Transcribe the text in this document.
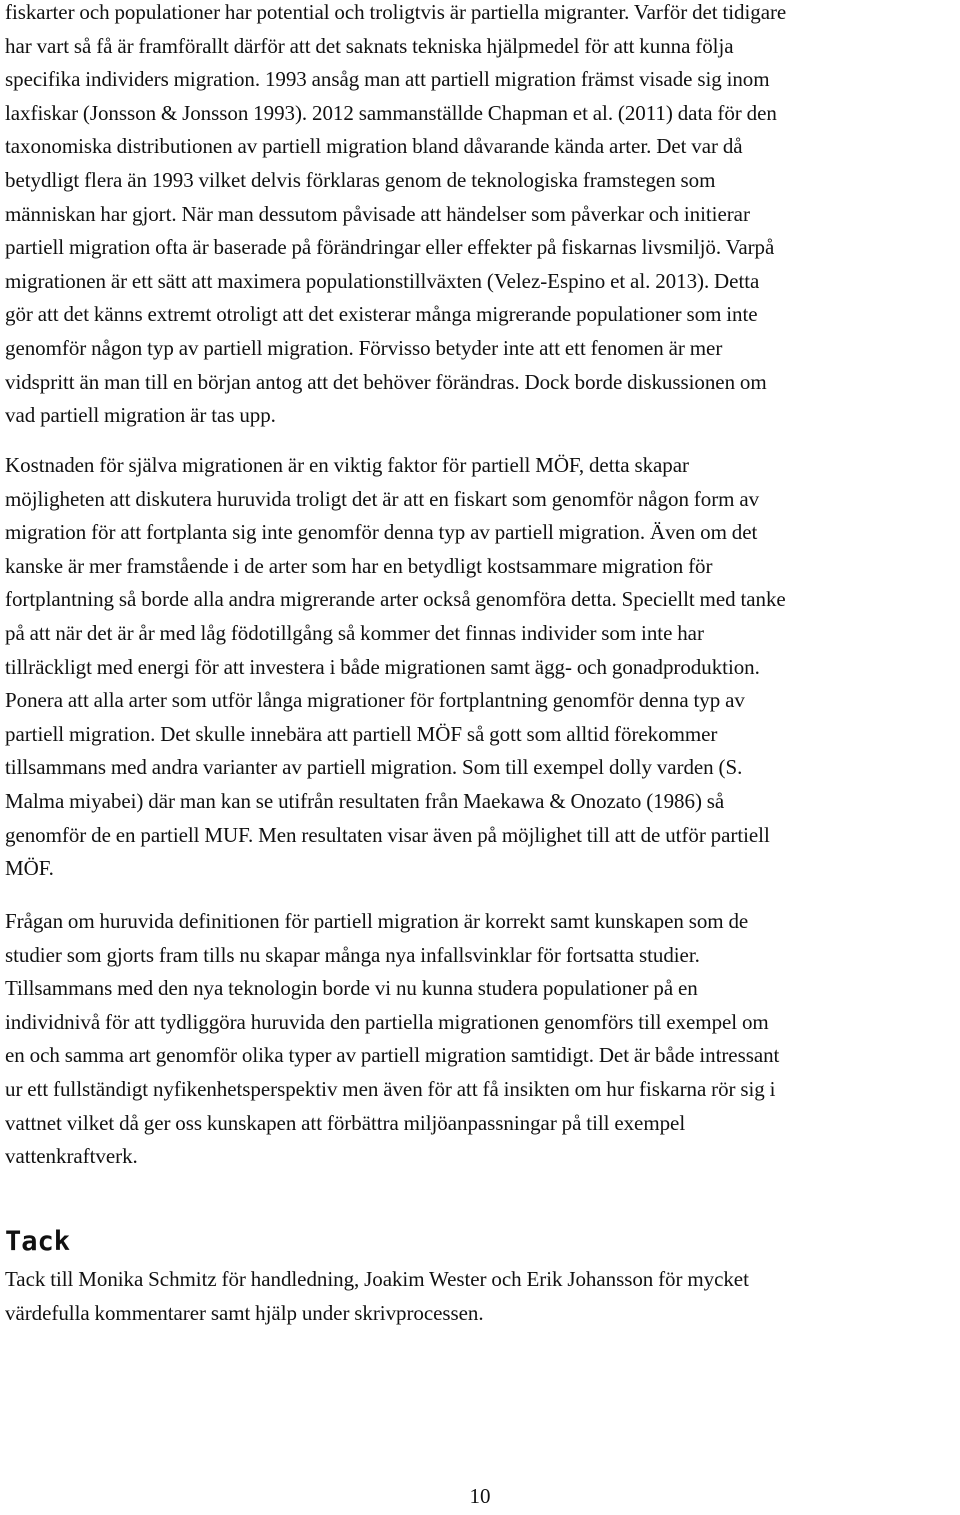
fiskarter och populationer har potential och troligtvis är partiella migranter. Varför det tidigare
har vart så få är framförallt därför att det saknats tekniska hjälpmedel för att kunna följa
specifika individers migration. 1993 ansåg man att partiell migration främst visade sig inom
laxfiskar (Jonsson & Jonsson 1993). 2012 sammanställde Chapman et al. (2011) data för den
taxonomiska distributionen av partiell migration bland dåvarande kända arter. Det var då
betydligt flera än 1993 vilket delvis förklaras genom de teknologiska framstegen som
människan har gjort. När man dessutom påvisade att händelser som påverkar och initierar
partiell migration ofta är baserade på förändringar eller effekter på fiskarnas livsmiljö. Varpå
migrationen är ett sätt att maximera populationstillväxten (Velez-Espino et al. 2013). Detta
gör att det känns extremt otroligt att det existerar många migrerande populationer som inte
genomför någon typ av partiell migration. Förvisso betyder inte att ett fenomen är mer
vidspritt än man till en början antog att det behöver förändras. Dock borde diskussionen om
vad partiell migration är tas upp.

Kostnaden för själva migrationen är en viktig faktor för partiell MÖF, detta skapar
möjligheten att diskutera huruvida troligt det är att en fiskart som genomför någon form av
migration för att fortplanta sig inte genomför denna typ av partiell migration. Även om det
kanske är mer framstående i de arter som har en betydligt kostsammare migration för
fortplantning så borde alla andra migrerande arter också genomföra detta. Speciellt med tanke
på att när det är år med låg födotillgång så kommer det finnas individer som inte har
tillräckligt med energi för att investera i både migrationen samt ägg- och gonadproduktion.
Ponera att alla arter som utför långa migrationer för fortplantning genomför denna typ av
partiell migration. Det skulle innebära att partiell MÖF så gott som alltid förekommer
tillsammans med andra varianter av partiell migration. Som till exempel dolly varden (S.
Malma miyabei) där man kan se utifrån resultaten från Maekawa & Onozato (1986) så
genomför de en partiell MUF. Men resultaten visar även på möjlighet till att de utför partiell
MÖF.

Frågan om huruvida definitionen för partiell migration är korrekt samt kunskapen som de
studier som gjorts fram tills nu skapar många nya infallsvinklar för fortsatta studier.
Tillsammans med den nya teknologin borde vi nu kunna studera populationer på en
individnivå för att tydliggöra huruvida den partiella migrationen genomförs till exempel om
en och samma art genomför olika typer av partiell migration samtidigt. Det är både intressant
ur ett fullständigt nyfikenhetsperspektiv men även för att få insikten om hur fiskarna rör sig i
vattnet vilket då ger oss kunskapen att förbättra miljöanpassningar på till exempel
vattenkraftverk.

Tack

Tack till Monika Schmitz för handledning, Joakim Wester och Erik Johansson för mycket
värdefulla kommentarer samt hjälp under skrivprocessen.

10
